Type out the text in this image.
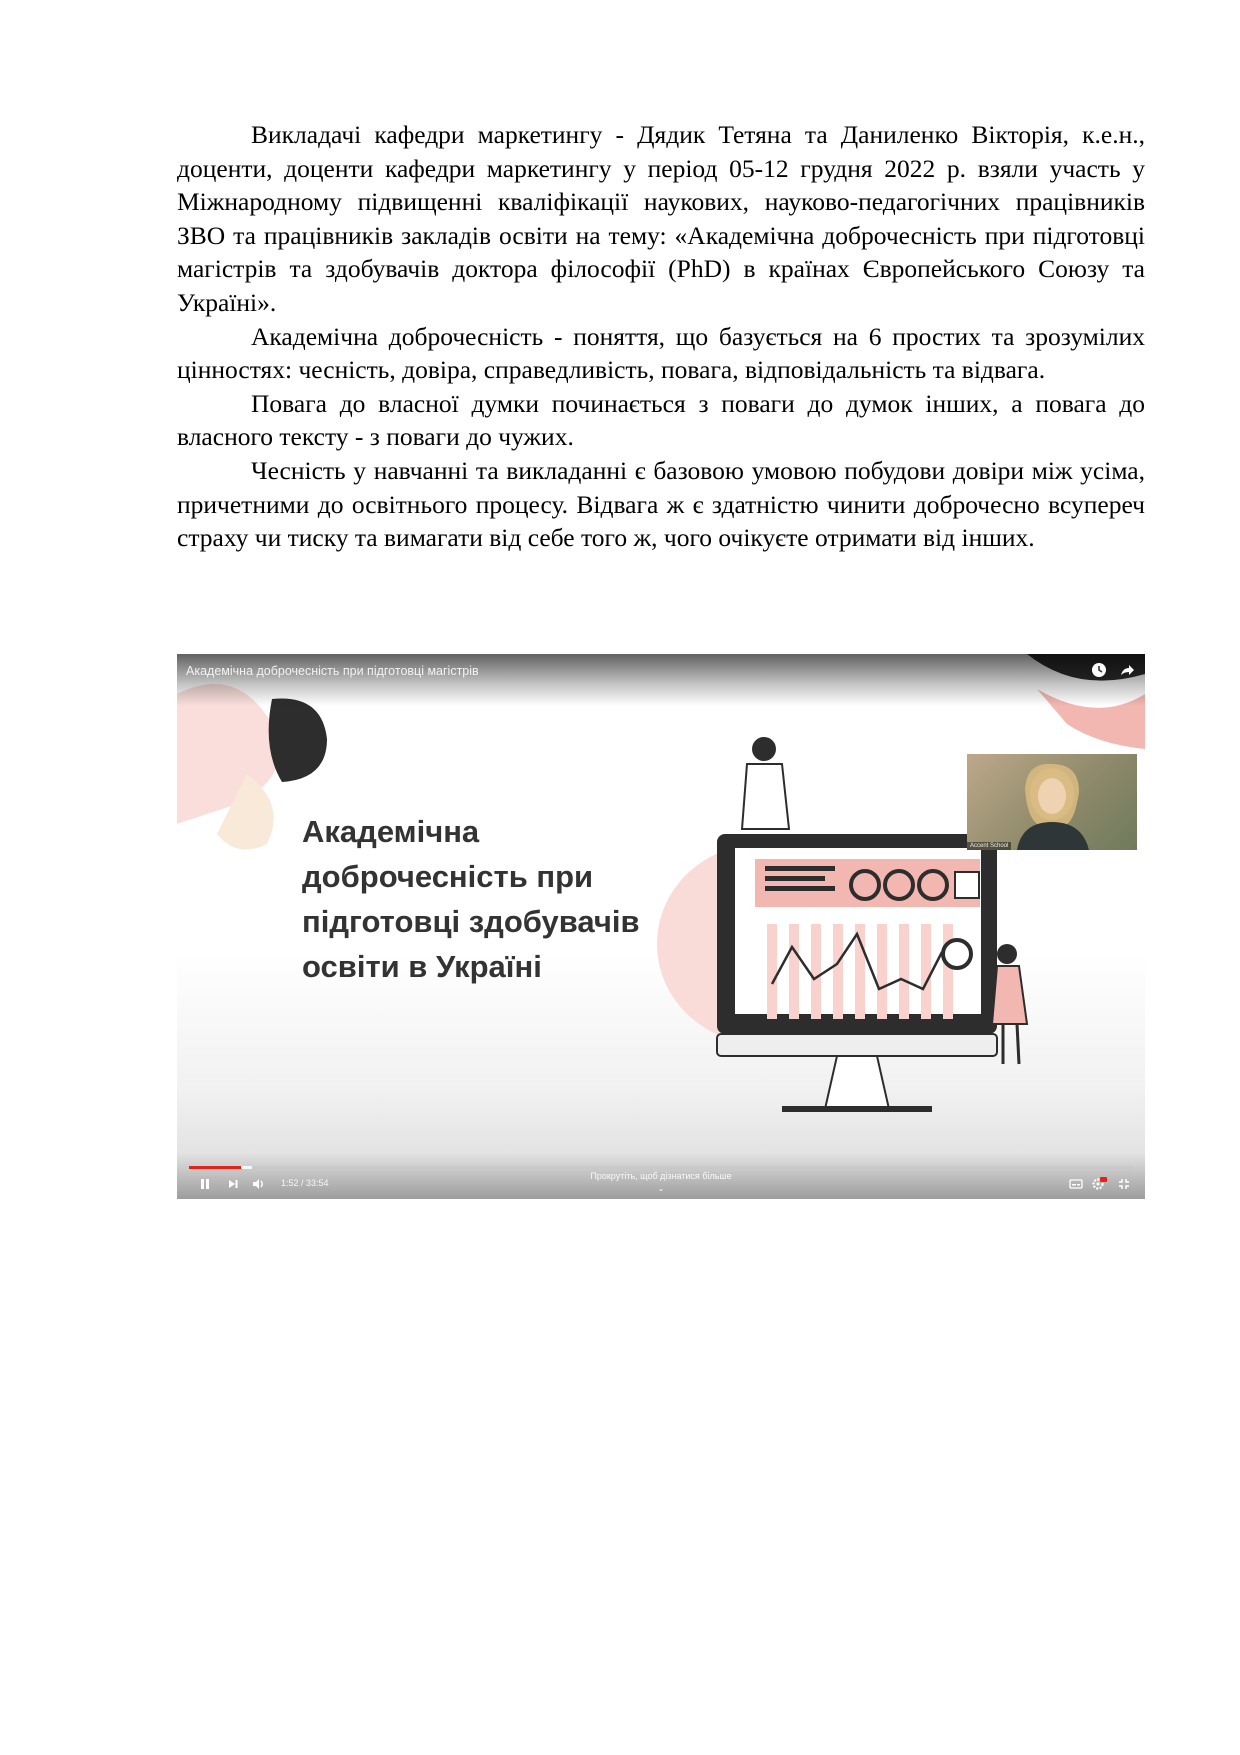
Викладачі кафедри маркетингу - Дядик Тетяна та Даниленко Вікторія, к.е.н., доценти, доценти кафедри маркетингу у період 05-12 грудня 2022 р. взяли участь у Міжнародному підвищенні кваліфікації наукових, науково-педагогічних працівників ЗВО та працівників закладів освіти на тему: «Академічна доброчесність при підготовці магістрів та здобувачів доктора філософії (PhD) в країнах Європейського Союзу та Україні».

Академічна доброчесність - поняття, що базується на 6 простих та зрозумілих цінностях: чесність, довіра, справедливість, повага, відповідальність та відвага.

Повага до власної думки починається з поваги до думок інших, а повага до власного тексту - з поваги до чужих.

Чесність у навчанні та викладанні є базовою умовою побудови довіри між усіма, причетними до освітнього процесу. Відвага ж є здатністю чинити доброчесно всупереч страху чи тиску та вимагати від себе того ж, чого очікуєте отримати від інших.

Академічна доброчесність при підготовці магістрів
Академічна
доброчесність при
підготовці здобувачів
освіти в Україні
Accent School
1:52 / 33:54
Прокрутіть, щоб дізнатися більше
⌄
